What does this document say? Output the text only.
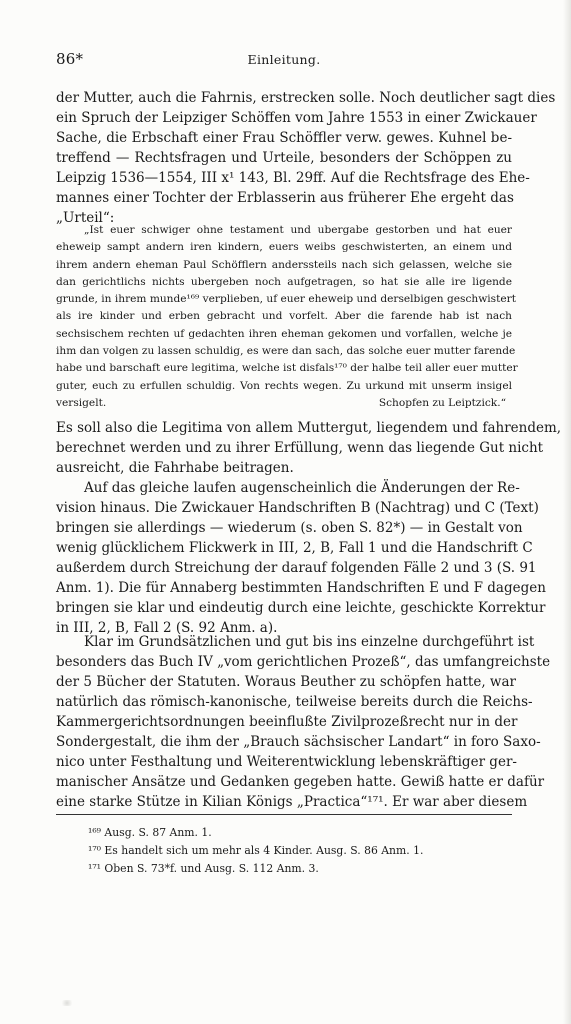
86*	Einleitung.
der Mutter, auch die Fahrnis, erstrecken solle. Noch deutlicher sagt dies
ein Spruch der Leipziger Schöffen vom Jahre 1553 in einer Zwickauer
Sache, die Erbschaft einer Frau Schöffler verw. gewes. Kuhnel be-
treffend — Rechtsfragen und Urteile, besonders der Schöppen zu
Leipzig 1536—1554, III x¹ 143, Bl. 29ff. Auf die Rechtsfrage des Ehe-
mannes einer Tochter der Erblasserin aus früherer Ehe ergeht das
„Urteil“:
„Ist euer schwiger ohne testament und ubergabe gestorben und hat euer
eheweip sampt andern iren kindern, euers weibs geschwisterten, an einem und
ihrem andern eheman Paul Schöfflern anderssteils nach sich gelassen, welche sie
dan gerichtlichs nichts ubergeben noch aufgetragen, so hat sie alle ire ligende
grunde, in ihrem munde¹⁶⁹ verplieben, uf euer eheweip und derselbigen geschwistert
als ire kinder und erben gebracht und vorfelt. Aber die farende hab ist nach
sechsischem rechten uf gedachten ihren eheman gekomen und vorfallen, welche je
ihm dan volgen zu lassen schuldig, es were dan sach, das solche euer mutter farende
habe und barschaft eure legitima, welche ist disfals¹⁷⁰ der halbe teil aller euer mutter
guter, euch zu erfullen schuldig. Von rechts wegen. Zu urkund mit unserm insigel
versigelt.	Schopfen zu Leiptzick.“
Es soll also die Legitima von allem Muttergut, liegendem und fahrendem,
berechnet werden und zu ihrer Erfüllung, wenn das liegende Gut nicht
ausreicht, die Fahrhabe beitragen.
Auf das gleiche laufen augenscheinlich die Änderungen der Re-
vision hinaus. Die Zwickauer Handschriften B (Nachtrag) und C (Text)
bringen sie allerdings — wiederum (s. oben S. 82*) — in Gestalt von
wenig glücklichem Flickwerk in III, 2, B, Fall 1 und die Handschrift C
außerdem durch Streichung der darauf folgenden Fälle 2 und 3 (S. 91
Anm. 1). Die für Annaberg bestimmten Handschriften E und F dagegen
bringen sie klar und eindeutig durch eine leichte, geschickte Korrektur
in III, 2, B, Fall 2 (S. 92 Anm. a).
Klar im Grundsätzlichen und gut bis ins einzelne durchgeführt ist
besonders das Buch IV „vom gerichtlichen Prozeß“, das umfangreichste
der 5 Bücher der Statuten. Woraus Beuther zu schöpfen hatte, war
natürlich das römisch-kanonische, teilweise bereits durch die Reichs-
Kammergerichtsordnungen beeinflußte Zivilprozeßrecht nur in der
Sondergestalt, die ihm der „Brauch sächsischer Landart“ in foro Saxo-
nico unter Festhaltung und Weiterentwicklung lebenskräftiger ger-
manischer Ansätze und Gedanken gegeben hatte. Gewiß hatte er dafür
eine starke Stütze in Kilian Königs „Practica“¹⁷¹. Er war aber diesem
¹⁶⁹ Ausg. S. 87 Anm. 1.
¹⁷⁰ Es handelt sich um mehr als 4 Kinder. Ausg. S. 86 Anm. 1.
¹⁷¹ Oben S. 73*f. und Ausg. S. 112 Anm. 3.
